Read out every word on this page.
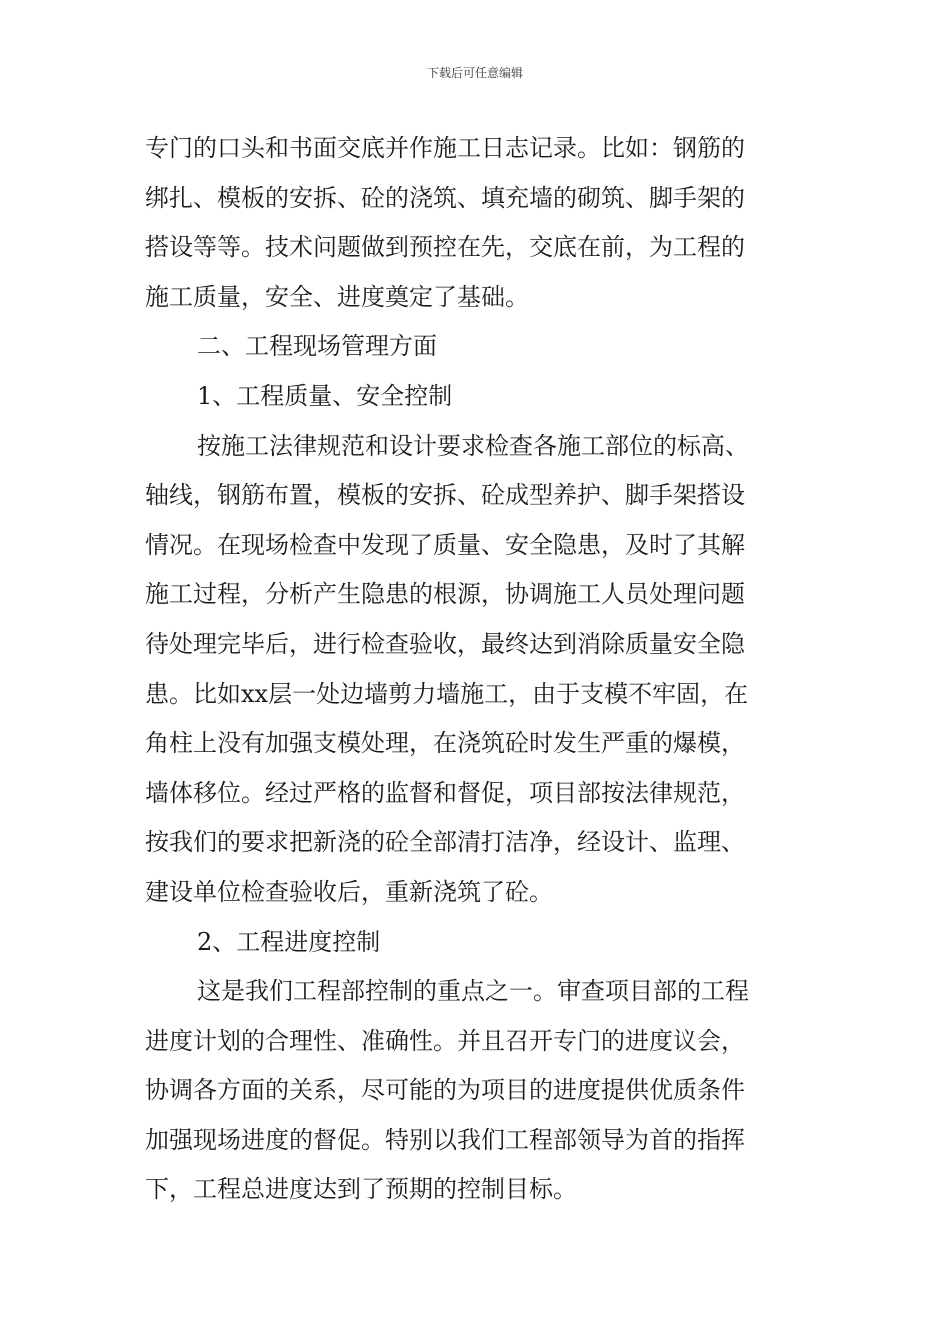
下载后可任意编辑
专门的口头和书面交底并作施工日志记录。比如：钢筋的
绑扎、模板的安拆、砼的浇筑、填充墙的砌筑、脚手架的
搭设等等。技术问题做到预控在先，交底在前，为工程的
施工质量，安全、进度奠定了基础。
二、工程现场管理方面
1、工程质量、安全控制
按施工法律规范和设计要求检查各施工部位的标高、
轴线，钢筋布置，模板的安拆、砼成型养护、脚手架搭设
情况。在现场检查中发现了质量、安全隐患，及时了其解
施工过程，分析产生隐患的根源，协调施工人员处理问题
待处理完毕后，进行检查验收，最终达到消除质量安全隐
患。比如xx层一处边墙剪力墙施工，由于支模不牢固，在
角柱上没有加强支模处理，在浇筑砼时发生严重的爆模，
墙体移位。经过严格的监督和督促，项目部按法律规范，
按我们的要求把新浇的砼全部清打洁净，经设计、监理、
建设单位检查验收后，重新浇筑了砼。
2、工程进度控制
这是我们工程部控制的重点之一。审查项目部的工程
进度计划的合理性、准确性。并且召开专门的进度议会，
协调各方面的关系，尽可能的为项目的进度提供优质条件
加强现场进度的督促。特别以我们工程部领导为首的指挥
下，工程总进度达到了预期的控制目标。
